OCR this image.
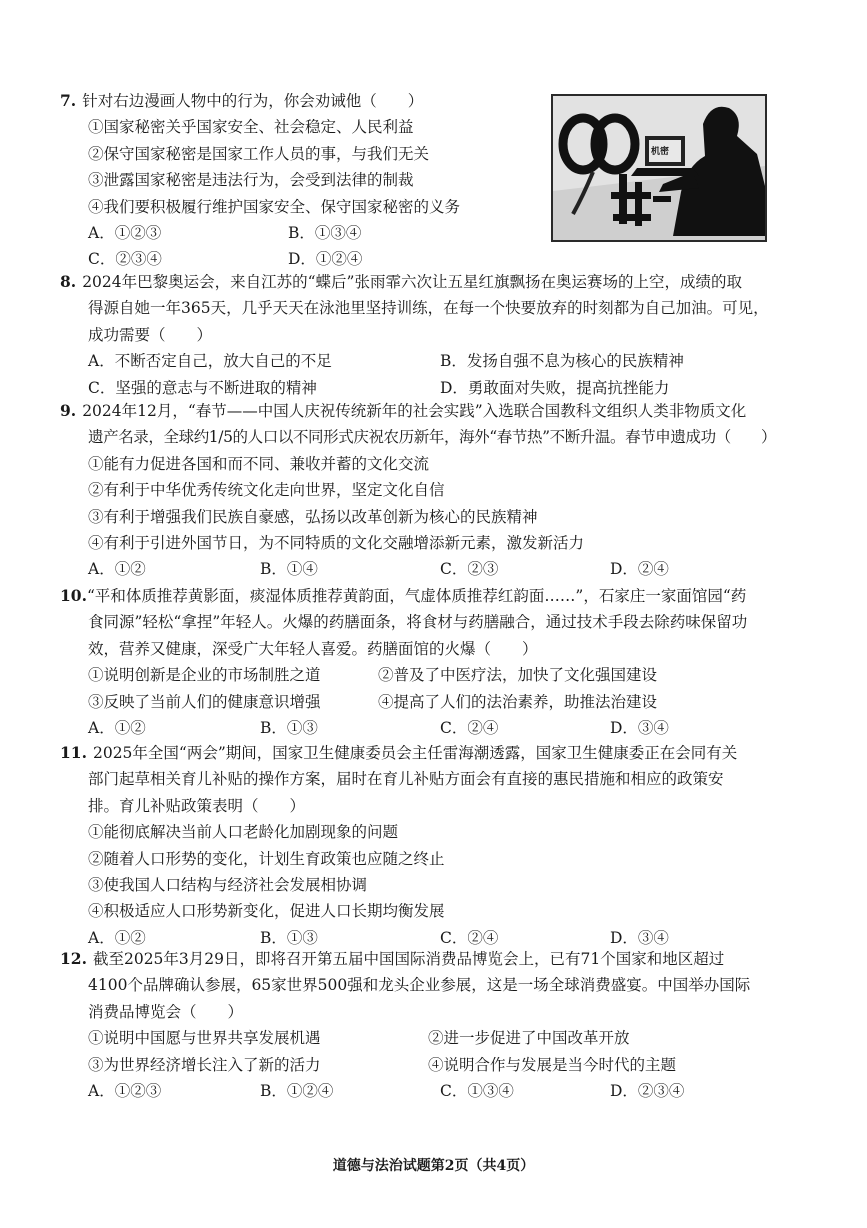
机密
7. 针对右边漫画人物中的行为，你会劝诫他（　　）
①国家秘密关乎国家安全、社会稳定、人民利益
②保守国家秘密是国家工作人员的事，与我们无关
③泄露国家秘密是违法行为，会受到法律的制裁
④我们要积极履行维护国家安全、保守国家秘密的义务
A．①②③	B．①③④
C．②③④	D．①②④
8. 2024年巴黎奥运会，来自江苏的“蝶后”张雨霏六次让五星红旗飘扬在奥运赛场的上空，成绩的取
得源自她一年365天，几乎天天在泳池里坚持训练，在每一个快要放弃的时刻都为自己加油。可见，
成功需要（　　）
A．不断否定自己，放大自己的不足	B．发扬自强不息为核心的民族精神
C．坚强的意志与不断进取的精神	D．勇敢面对失败，提高抗挫能力
9. 2024年12月，“春节——中国人庆祝传统新年的社会实践”入选联合国教科文组织人类非物质文化
遗产名录，全球约1/5的人口以不同形式庆祝农历新年，海外“春节热”不断升温。春节申遗成功（　　）
①能有力促进各国和而不同、兼收并蓄的文化交流
②有利于中华优秀传统文化走向世界，坚定文化自信
③有利于增强我们民族自豪感，弘扬以改革创新为核心的民族精神
④有利于引进外国节日，为不同特质的文化交融增添新元素，激发新活力
A．①②	B．①④	C．②③	D．②④
10.“平和体质推荐黄影面，痰湿体质推荐黄韵面，气虚体质推荐红韵面……”，石家庄一家面馆园“药
食同源”轻松“拿捏”年轻人。火爆的药膳面条，将食材与药膳融合，通过技术手段去除药味保留功
效，营养又健康，深受广大年轻人喜爱。药膳面馆的火爆（　　）
①说明创新是企业的市场制胜之道	②普及了中医疗法，加快了文化强国建设
③反映了当前人们的健康意识增强	④提高了人们的法治素养，助推法治建设
A．①②	B．①③	C．②④	D．③④
11. 2025年全国“两会”期间，国家卫生健康委员会主任雷海潮透露，国家卫生健康委正在会同有关
部门起草相关育儿补贴的操作方案，届时在育儿补贴方面会有直接的惠民措施和相应的政策安
排。育儿补贴政策表明（　　）
①能彻底解决当前人口老龄化加剧现象的问题
②随着人口形势的变化，计划生育政策也应随之终止
③使我国人口结构与经济社会发展相协调
④积极适应人口形势新变化，促进人口长期均衡发展
A．①②	B．①③	C．②④	D．③④
12. 截至2025年3月29日，即将召开第五届中国国际消费品博览会上，已有71个国家和地区超过
4100个品牌确认参展，65家世界500强和龙头企业参展，这是一场全球消费盛宴。中国举办国际
消费品博览会（　　）
①说明中国愿与世界共享发展机遇	②进一步促进了中国改革开放
③为世界经济增长注入了新的活力	④说明合作与发展是当今时代的主题
A．①②③	B．①②④	C．①③④	D．②③④
道德与法治试题第2页（共4页）
